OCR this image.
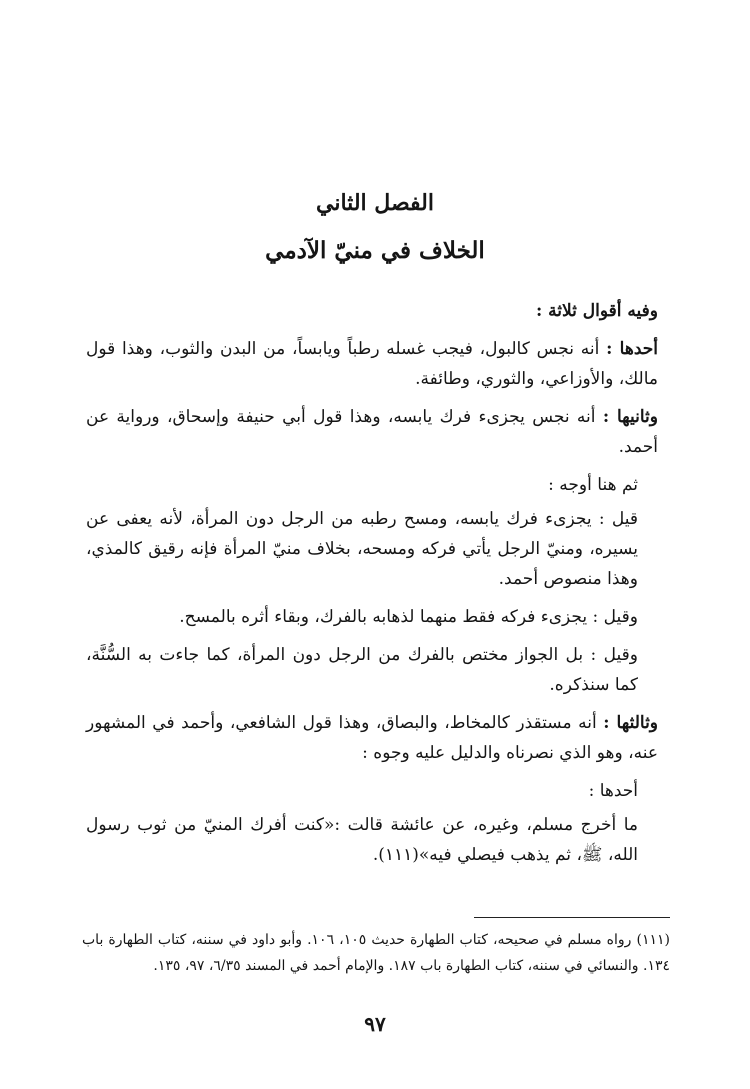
الفصل الثاني
الخلاف في منيّ الآدمي

وفيه أقوال ثلاثة :

أحدها : أنه نجس كالبول، فيجب غسله رطباً ويابساً، من البدن والثوب، وهذا قول مالك، والأوزاعي، والثوري، وطائفة.

وثانيها : أنه نجس يجزىء فرك يابسه، وهذا قول أبي حنيفة وإسحاق، ورواية عن أحمد.

ثم هنا أوجه :

قيل : يجزىء فرك يابسه، ومسح رطبه من الرجل دون المرأة، لأنه يعفى عن يسيره، ومنيّ الرجل يأتي فركه ومسحه، بخلاف منيّ المرأة فإنه رقيق كالمذي، وهذا منصوص أحمد.

وقيل : يجزىء فركه فقط منهما لذهابه بالفرك، وبقاء أثره بالمسح.

وقيل : بل الجواز مختص بالفرك من الرجل دون المرأة، كما جاءت به السُّنَّة، كما سنذكره.

وثالثها : أنه مستقذر كالمخاط، والبصاق، وهذا قول الشافعي، وأحمد في المشهور عنه، وهو الذي نصرناه والدليل عليه وجوه :

أحدها :

ما أخرج مسلم، وغيره، عن عائشة قالت :«كنت أفرك المنيّ من ثوب رسول الله، ﷺ، ثم يذهب فيصلي فيه»(١١١).

(١١١) رواه مسلم في صحيحه، كتاب الطهارة حديث ١٠٥، ١٠٦. وأبو داود في سننه، كتاب الطهارة باب ١٣٤. والنسائي في سننه، كتاب الطهارة باب ١٨٧. والإمام أحمد في المسند ٦/٣٥، ٩٧، ١٣٥.
٩٧
